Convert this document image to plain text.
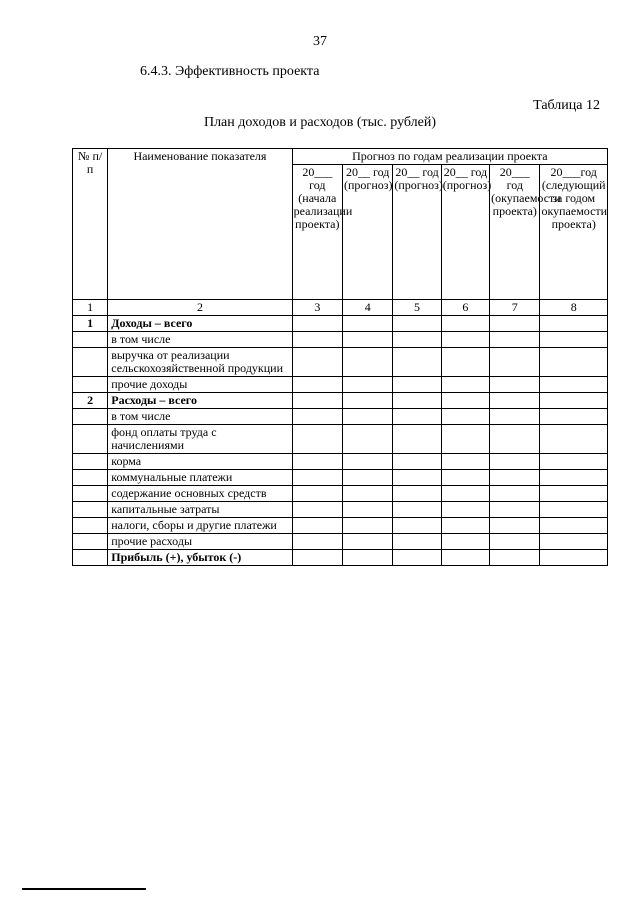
37
6.4.3. Эффективность проекта
Таблица 12
План доходов и расходов (тыс. рублей)
№ п/п	Наименование показателя	Прогноз по годам реализации проекта					
		20___ год (начала реализации проекта)	20__ год (прогноз)	20__ год (прогноз)	20__ год (прогноз)	20___ год (окупаемости проекта)	20___год (следующий за годом окупаемости проекта)
1	2	3	4	5	6	7	8
1	Доходы – всего						
	в том числе						
	выручка от реализации сельскохозяйственной продукции						
	прочие доходы						
2	Расходы – всего						
	в том числе						
	фонд оплаты труда с начислениями						
	корма						
	коммунальные платежи						
	содержание основных средств						
	капитальные затраты						
	налоги, сборы и другие платежи						
	прочие расходы						
	Прибыль (+), убыток (-)						
